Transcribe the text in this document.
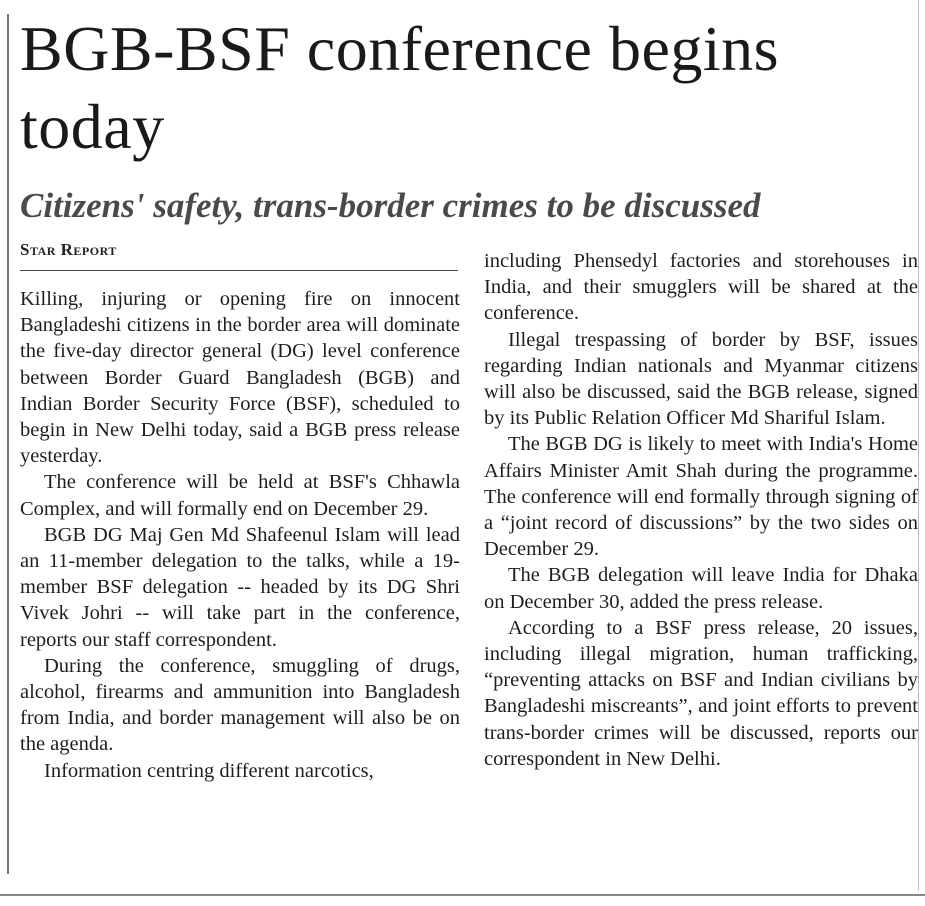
BGB-BSF conference begins today
Citizens' safety, trans-border crimes to be discussed
Star Report

Killing, injuring or opening fire on innocent Bangladeshi citizens in the border area will dominate the five-day director general (DG) level conference between Border Guard Bangladesh (BGB) and Indian Border Security Force (BSF), scheduled to begin in New Delhi today, said a BGB press release yesterday.

The conference will be held at BSF's Chhawla Complex, and will formally end on December 29.

BGB DG Maj Gen Md Shafeenul Islam will lead an 11-member delegation to the talks, while a 19-member BSF delegation -- headed by its DG Shri Vivek Johri -- will take part in the conference, reports our staff correspondent.

During the conference, smuggling of drugs, alcohol, firearms and ammunition into Bangladesh from India, and border management will also be on the agenda.

Information centring different narcotics,

including Phensedyl factories and storehouses in India, and their smugglers will be shared at the conference.

Illegal trespassing of border by BSF, issues regarding Indian nationals and Myanmar citizens will also be discussed, said the BGB release, signed by its Public Relation Officer Md Shariful Islam.

The BGB DG is likely to meet with India's Home Affairs Minister Amit Shah during the programme. The conference will end formally through signing of a “joint record of discussions” by the two sides on December 29.

The BGB delegation will leave India for Dhaka on December 30, added the press release.

According to a BSF press release, 20 issues, including illegal migration, human trafficking, “preventing attacks on BSF and Indian civilians by Bangladeshi miscreants”, and joint efforts to prevent trans-border crimes will be discussed, reports our correspondent in New Delhi.
